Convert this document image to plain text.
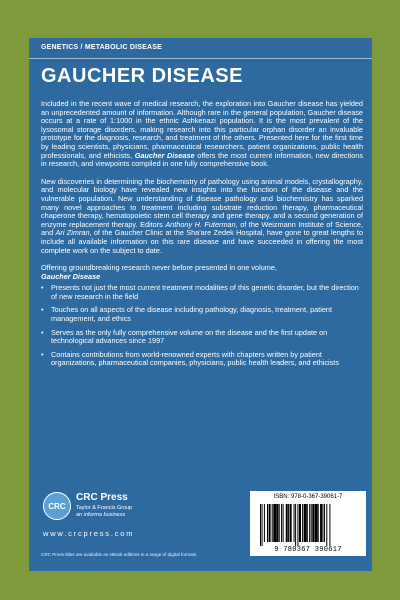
GENETICS / METABOLIC DISEASE
GAUCHER DISEASE

Included in the recent wave of medical research, the exploration into Gaucher disease has yielded an unprecedented amount of information. Although rare in the general population, Gaucher disease occurs at a rate of 1:1000 in the ethnic Ashkenazi population. It is the most prevalent of the lysosomal storage disorders, making research into this particular orphan disorder an invaluable prototype for the diagnosis, research, and treatment of the others. Presented here for the first time by leading scientists, physicians, pharmaceutical researchers, patient organizations, public health professionals, and ethicists, Gaucher Disease offers the most current information, new directions in research, and viewpoints compiled in one fully comprehensive book.

New discoveries in determining the biochemistry of pathology using animal models, crystallography, and molecular biology have revealed new insights into the function of the disease and the vulnerable population. New understanding of disease pathology and biochemistry has sparked many novel approaches to treatment including substrate reduction therapy, pharmaceutical chaperone therapy, hematopoietic stem cell therapy and gene therapy, and a second generation of enzyme replacement therapy. Editors Anthony H. Futerman, of the Weizmann Institute of Science, and Ari Zimran, of the Gaucher Clinic at the Sha'are Zedek Hospital, have gone to great lengths to include all available information on this rare disease and have succeeded in offering the most complete work on the subject to date.

Offering groundbreaking research never before presented in one volume,
Gaucher Disease

• Presents not just the most current treatment modalities of this genetic disorder, but the direction of new research in the field
• Touches on all aspects of the disease including pathology, diagnosis, treatment, patient management, and ethics
• Serves as the only fully comprehensive volume on the disease and the first update on technological advances since 1997
• Contains contributions from world-renowned experts with chapters written by patient organizations, pharmaceutical companies, physicians, public health leaders, and ethicists
CRC
CRC Press
Taylor & Francis Group
an informa business
www.crcpress.com
CRC Press titles are available as eBook editions in a range of digital formats
ISBN: 978-0-367-39061-7
9 780367 390617
